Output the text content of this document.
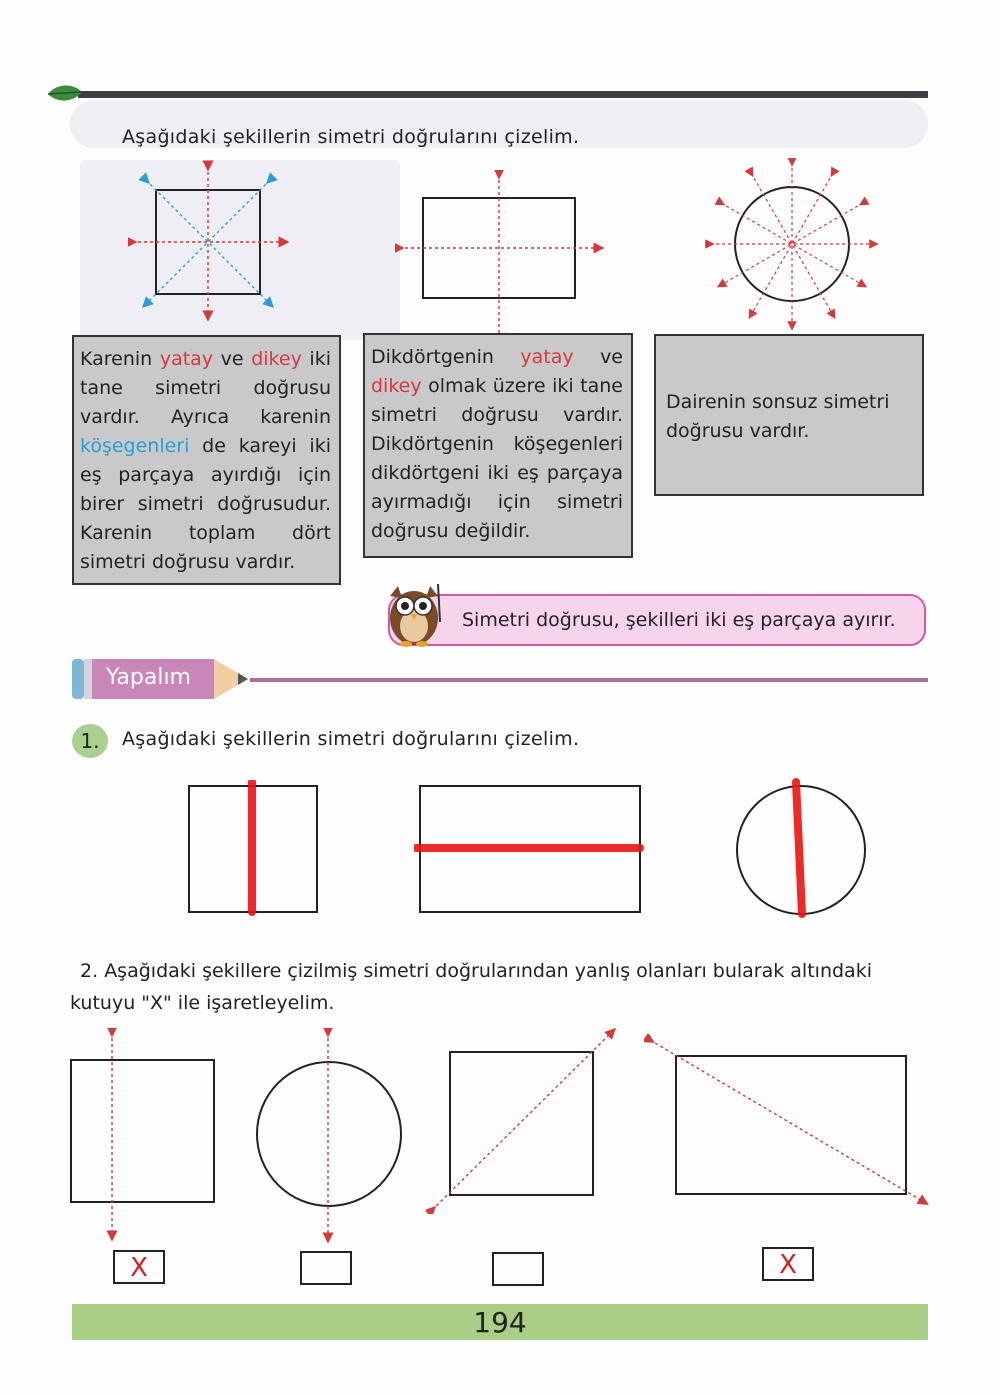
Aşağıdaki şekillerin simetri doğrularını çizelim.

Karenin yatay ve dikey iki tane simetri doğrusu vardır. Ayrıca karenin köşegenleri de kareyi iki eş parçaya ayırdığı için birer simetri doğrusudur. Karenin toplam dört simetri doğrusu vardır.

Dikdörtgenin yatay ve dikey olmak üzere iki tane simetri doğrusu vardır. Dikdörtgenin köşegenleri dikdörtgeni iki eş parçaya ayırmadığı için simetri doğrusu değildir.

Dairenin sonsuz simetri doğrusu vardır.

Simetri doğrusu, şekilleri iki eş parçaya ayırır.
Yapalım
1.	Aşağıdaki şekillerin simetri doğrularını çizelim.
2. Aşağıdaki şekillere çizilmiş simetri doğrularından yanlış olanları bularak altındaki kutuyu "X" ile işaretleyelim.
X	X
194
